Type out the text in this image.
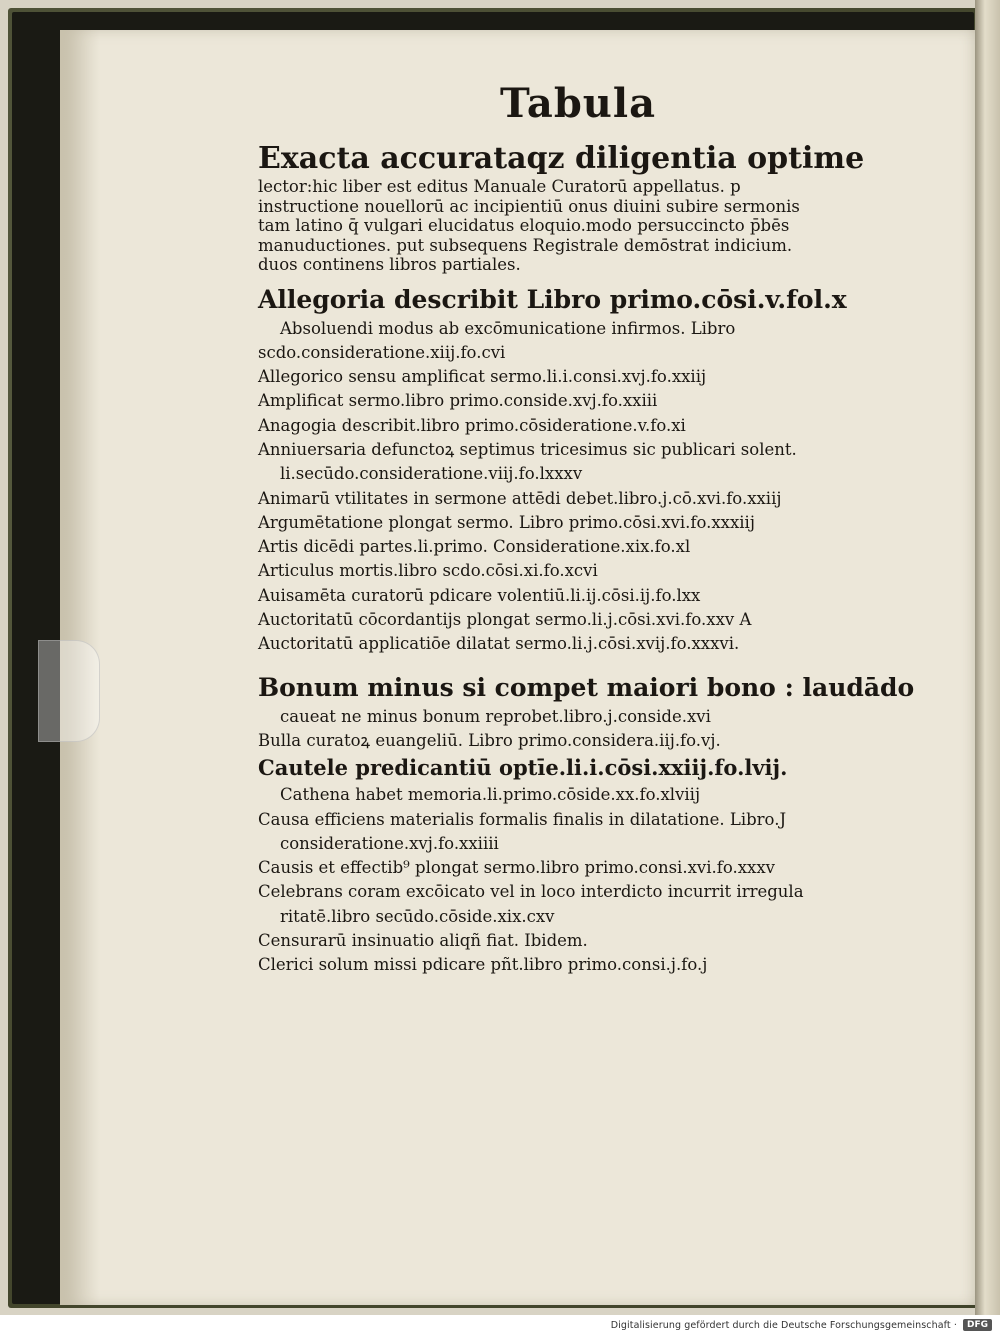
Tabula
Exacta accurataqz diligentia optime
lector:hic liber est editus Manuale Curatorū appellatus. p
instructione nouellorū ac incipientiū onus diuini subire sermonis
tam latino q̄ vulgari elucidatus eloquio.modo persuccincto p̄bēs
manuductiones. put subsequens Registrale demōstrat indicium.
duos continens libros partiales.
Allegoria describit Libro primo.cōsi.v.fol.x
Absoluendi modus ab excōmunicatione infirmos. Libro
scdo.consideratione.xiij.fo.cvi
Allegorico sensu amplificat sermo.li.i.consi.xvj.fo.xxiij
Amplificat sermo.libro primo.conside.xvj.fo.xxiii
Anagogia describit.libro primo.cōsideratione.v.fo.xi
Anniuersaria defunctoꝝ septimus tricesimus sic publicari solent.
li.secūdo.consideratione.viij.fo.lxxxv
Animarū vtilitates in sermone attēdi debet.libro.j.cō.xvi.fo.xxiij
Argumētatione plongat sermo. Libro primo.cōsi.xvi.fo.xxxiij
Artis dicēdi partes.li.primo. Consideratione.xix.fo.xl
Articulus mortis.libro scdo.cōsi.xi.fo.xcvi
Auisamēta curatorū pdicare volentiū.li.ij.cōsi.ij.fo.lxx
Auctoritatū cōcordantijs plongat sermo.li.j.cōsi.xvi.fo.xxv A
Auctoritatū applicatiōe dilatat sermo.li.j.cōsi.xvij.fo.xxxvi.
Bonum minus si compet maiori bono : laudādo
caueat ne minus bonum reprobet.libro.j.conside.xvi
Bulla curatoꝝ euangeliū. Libro primo.considera.iij.fo.vj.
Cautele predicantiū optīe.li.i.cōsi.xxiij.fo.lvij.
Cathena habet memoria.li.primo.cōside.xx.fo.xlviij
Causa efficiens materialis formalis finalis in dilatatione. Libro.J
consideratione.xvj.fo.xxiiii
Causis et effectib⁹ plongat sermo.libro primo.consi.xvi.fo.xxxv
Celebrans coram excōicato vel in loco interdicto incurrit irregula
ritatē.libro secūdo.cōside.xix.cxv
Censurarū insinuatio aliqñ fiat. Ibidem.
Clerici solum missi pdicare pñt.libro primo.consi.j.fo.j
Digitalisierung gefördert durch die Deutsche Forschungsgemeinschaft ·	DFG
